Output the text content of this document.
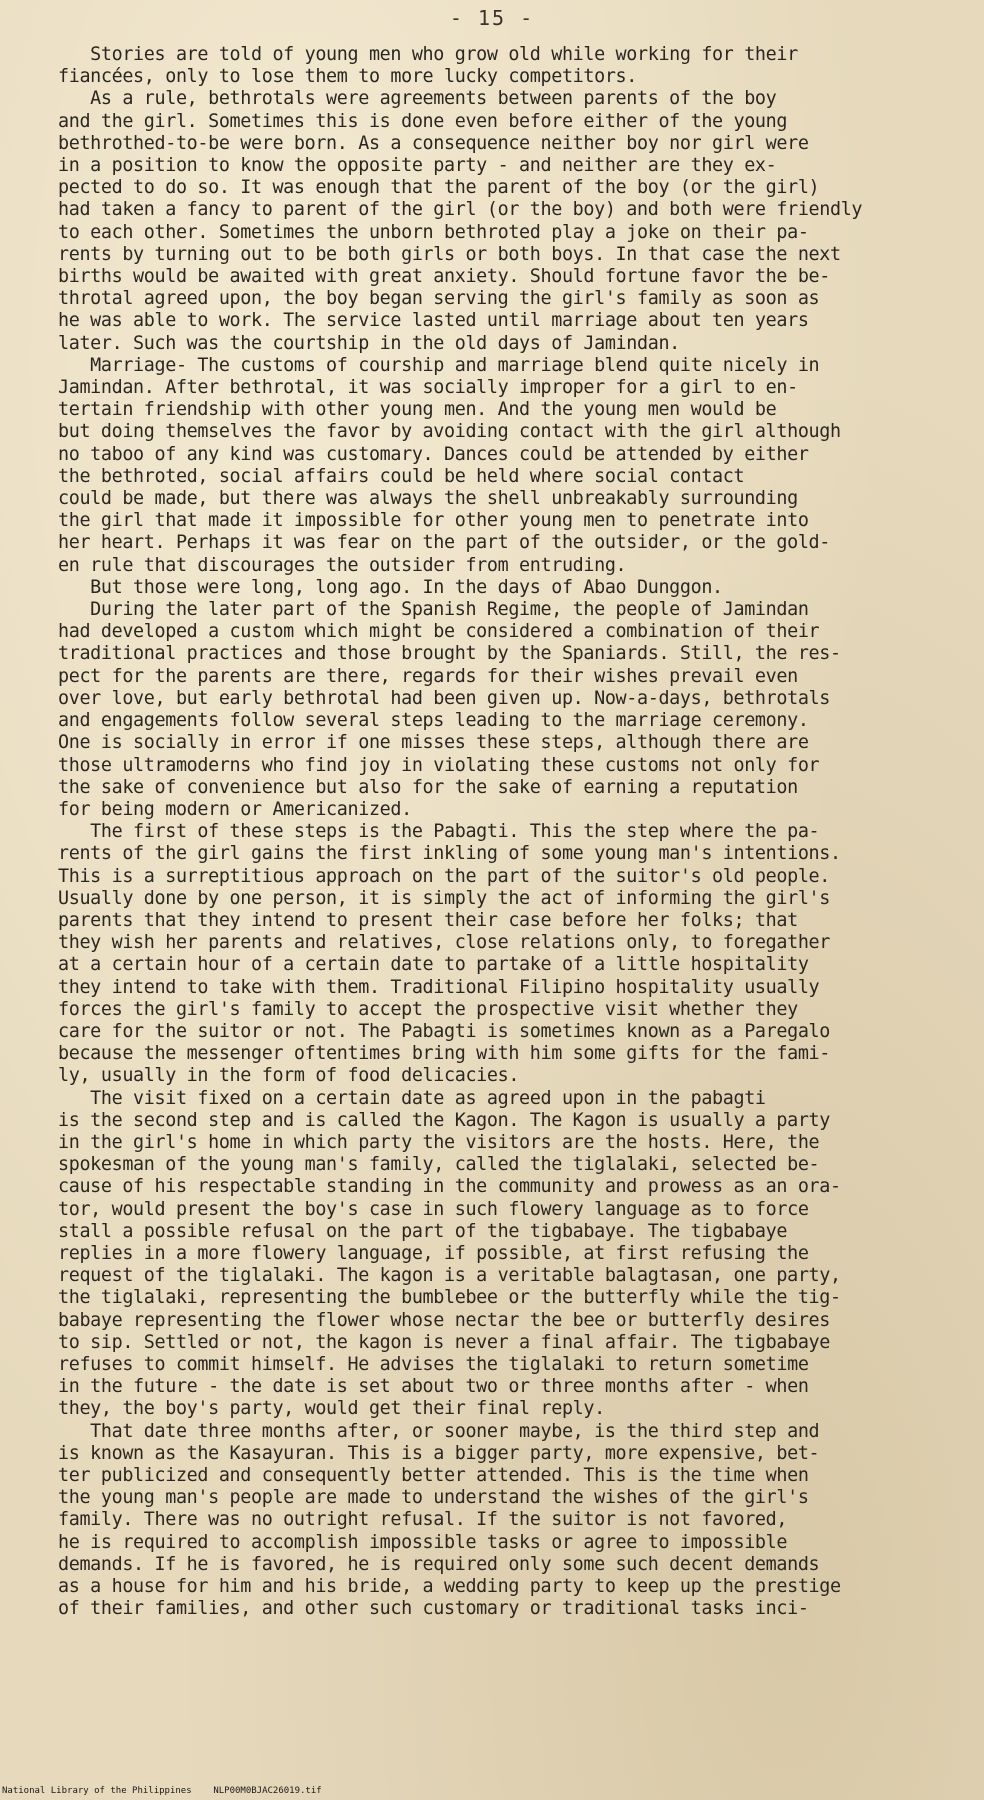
- 15 -

Stories are told of young men who grow old while working for their
fiancées, only to lose them to more lucky competitors.

As a rule, bethrotals were agreements between parents of the boy
and the girl. Sometimes this is done even before either of the young
bethrothed-to-be were born. As a consequence neither boy nor girl were
in a position to know the opposite party - and neither are they ex-
pected to do so. It was enough that the parent of the boy (or the girl)
had taken a fancy to parent of the girl (or the boy) and both were friendly
to each other. Sometimes the unborn bethroted play a joke on their pa-
rents by turning out to be both girls or both boys. In that case the next
births would be awaited with great anxiety. Should fortune favor the be-
throtal agreed upon, the boy began serving the girl's family as soon as
he was able to work. The service lasted until marriage about ten years
later. Such was the courtship in the old days of Jamindan.

Marriage- The customs of courship and marriage blend quite nicely in
Jamindan. After bethrotal, it was socially improper for a girl to en-
tertain friendship with other young men. And the young men would be
but doing themselves the favor by avoiding contact with the girl although
no taboo of any kind was customary. Dances could be attended by either
the bethroted, social affairs could be held where social contact
could be made, but there was always the shell unbreakably surrounding
the girl that made it impossible for other young men to penetrate into
her heart. Perhaps it was fear on the part of the outsider, or the gold-
en rule that discourages the outsider from entruding.

But those were long, long ago. In the days of Abao Dunggon.

During the later part of the Spanish Regime, the people of Jamindan
had developed a custom which might be considered a combination of their
traditional practices and those brought by the Spaniards. Still, the res-
pect for the parents are there, regards for their wishes prevail even
over love, but early bethrotal had been given up. Now-a-days, bethrotals
and engagements follow several steps leading to the marriage ceremony.
One is socially in error if one misses these steps, although there are
those ultramoderns who find joy in violating these customs not only for
the sake of convenience but also for the sake of earning a reputation
for being modern or Americanized.

The first of these steps is the Pabagti. This the step where the pa-
rents of the girl gains the first inkling of some young man's intentions.
This is a surreptitious approach on the part of the suitor's old people.
Usually done by one person, it is simply the act of informing the girl's
parents that they intend to present their case before her folks; that
they wish her parents and relatives, close relations only, to foregather
at a certain hour of a certain date to partake of a little hospitality
they intend to take with them. Traditional Filipino hospitality usually
forces the girl's family to accept the prospective visit whether they
care for the suitor or not. The Pabagti is sometimes known as a Paregalo
because the messenger oftentimes bring with him some gifts for the fami-
ly, usually in the form of food delicacies.

The visit fixed on a certain date as agreed upon in the pabagti
is the second step and is called the Kagon. The Kagon is usually a party
in the girl's home in which party the visitors are the hosts. Here, the
spokesman of the young man's family, called the tiglalaki, selected be-
cause of his respectable standing in the community and prowess as an ora-
tor, would present the boy's case in such flowery language as to force
stall a possible refusal on the part of the tigbabaye. The tigbabaye
replies in a more flowery language, if possible, at first refusing the
request of the tiglalaki. The kagon is a veritable balagtasan, one party,
the tiglalaki, representing the bumblebee or the butterfly while the tig-
babaye representing the flower whose nectar the bee or butterfly desires
to sip. Settled or not, the kagon is never a final affair. The tigbabaye
refuses to commit himself. He advises the tiglalaki to return sometime
in the future - the date is set about two or three months after - when
they, the boy's party, would get their final reply.

That date three months after, or sooner maybe, is the third step and
is known as the Kasayuran. This is a bigger party, more expensive, bet-
ter publicized and consequently better attended. This is the time when
the young man's people are made to understand the wishes of the girl's
family. There was no outright refusal. If the suitor is not favored,
he is required to accomplish impossible tasks or agree to impossible
demands. If he is favored, he is required only some such decent demands
as a house for him and his bride, a wedding party to keep up the prestige
of their families, and other such customary or traditional tasks inci-

National Library of the Philippines    NLP00M0BJAC26019.tif
